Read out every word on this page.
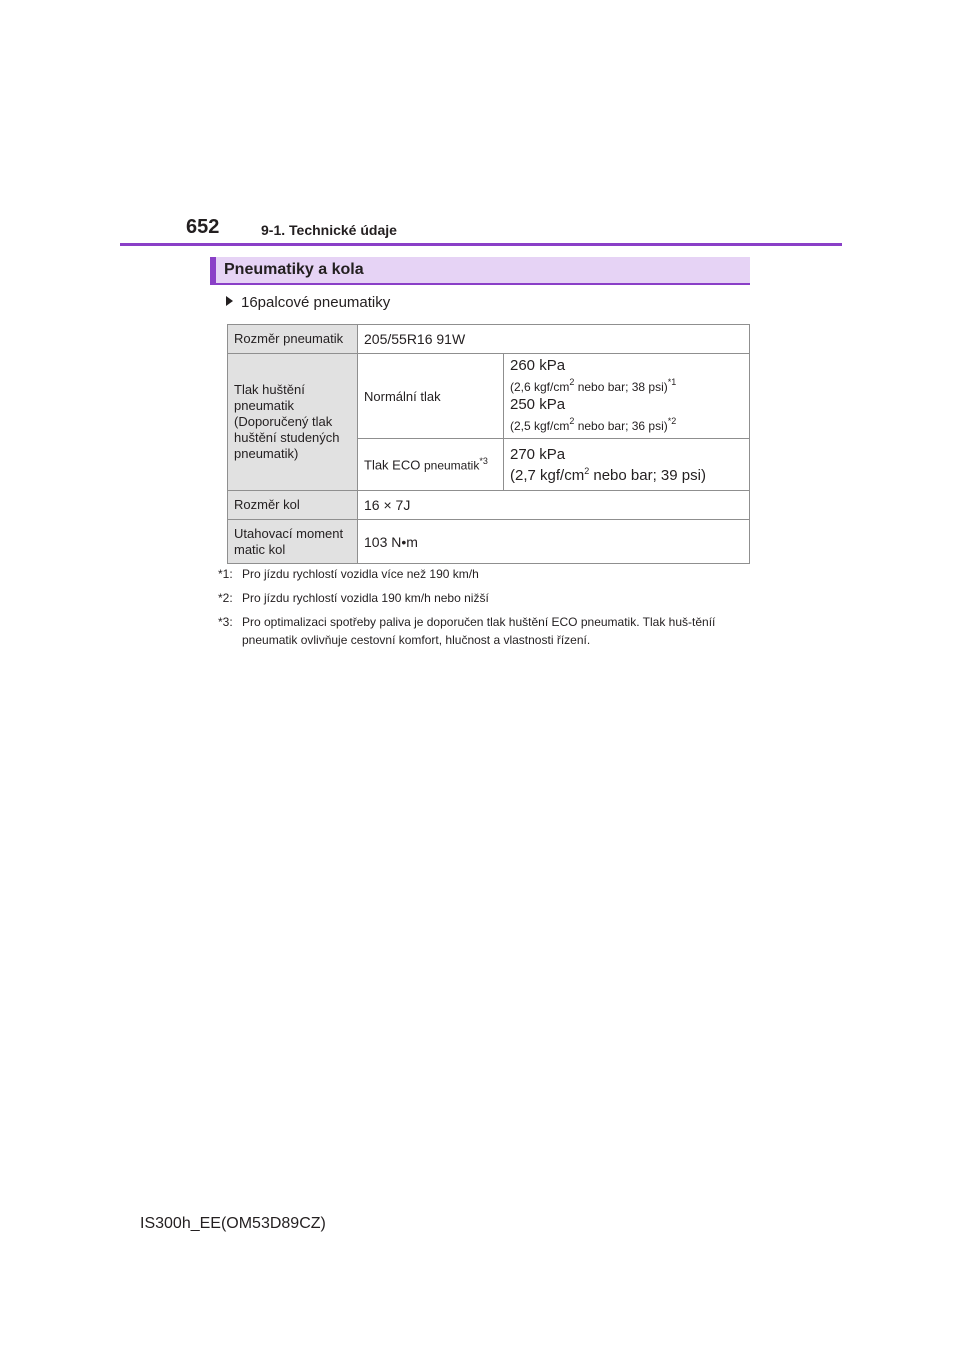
652	9-1. Technické údaje
Pneumatiky a kola
16palcové pneumatiky
Rozměr pneumatik	205/55R16 91W	
Tlak huštění pneumatik (Doporučený tlak huštění studených pneumatik)	Normální tlak	260 kPa
(2,6 kgf/$cm^2$ nebo bar; 38 psi)$^{*1}$
250 kPa
(2,5 kgf/$cm^2$ nebo bar; 36 psi)$^{*2}$
	Tlak ECO pneumatik$^{*3}$	270 kPa
(2,7 kgf/$cm^2$ nebo bar; 39 psi)
Rozměr kol	16 × 7J	
Utahovací moment matic kol	103 N•m	
*1: Pro jízdu rychlostí vozidla více než 190 km/h
*2: Pro jízdu rychlostí vozidla 190 km/h nebo nižší
*3: Pro optimalizaci spotřeby paliva je doporučen tlak huštění ECO pneumatik. Tlak huš-těníí pneumatik ovlivňuje cestovní komfort, hlučnost a vlastnosti řízení.
IS300h_EE(OM53D89CZ)
